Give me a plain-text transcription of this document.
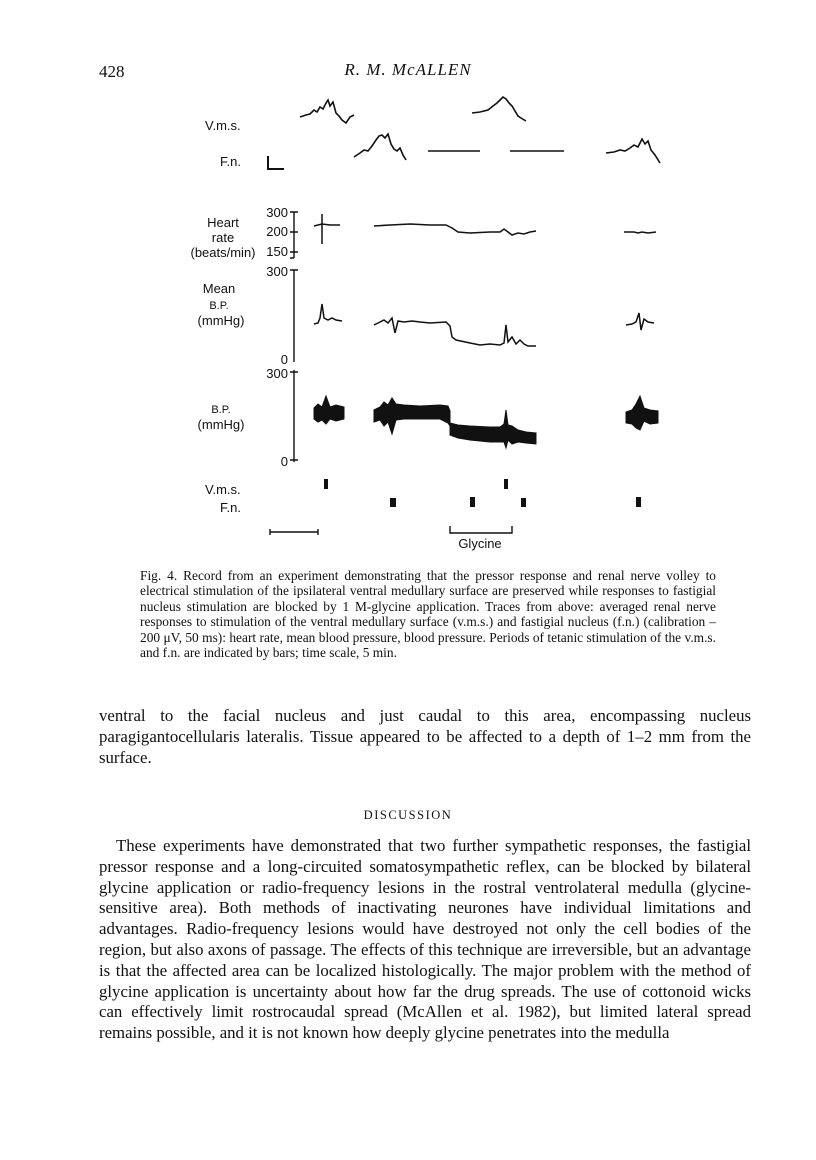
428	R. M. McALLEN
V.m.s.
F.n.
Heart
rate
(beats/min)
Mean
B.P.
(mmHg)
B.P.
(mmHg)
V.m.s.
F.n.
300
200
150
300
0
300
0
Glycine

Fig. 4. Record from an experiment demonstrating that the pressor response and renal nerve volley to electrical stimulation of the ipsilateral ventral medullary surface are preserved while responses to fastigial nucleus stimulation are blocked by 1 M-glycine application. Traces from above: averaged renal nerve responses to stimulation of the ventral medullary surface (v.m.s.) and fastigial nucleus (f.n.) (calibration – 200 μV, 50 ms): heart rate, mean blood pressure, blood pressure. Periods of tetanic stimulation of the v.m.s. and f.n. are indicated by bars; time scale, 5 min.

ventral to the facial nucleus and just caudal to this area, encompassing nucleus paragigantocellularis lateralis. Tissue appeared to be affected to a depth of 1–2 mm from the surface.

DISCUSSION

These experiments have demonstrated that two further sympathetic responses, the fastigial pressor response and a long-circuited somatosympathetic reflex, can be blocked by bilateral glycine application or radio-frequency lesions in the rostral ventrolateral medulla (glycine-sensitive area). Both methods of inactivating neurones have individual limitations and advantages. Radio-frequency lesions would have destroyed not only the cell bodies of the region, but also axons of passage. The effects of this technique are irreversible, but an advantage is that the affected area can be localized histologically. The major problem with the method of glycine application is uncertainty about how far the drug spreads. The use of cottonoid wicks can effectively limit rostrocaudal spread (McAllen et al. 1982), but limited lateral spread remains possible, and it is not known how deeply glycine penetrates into the medulla
